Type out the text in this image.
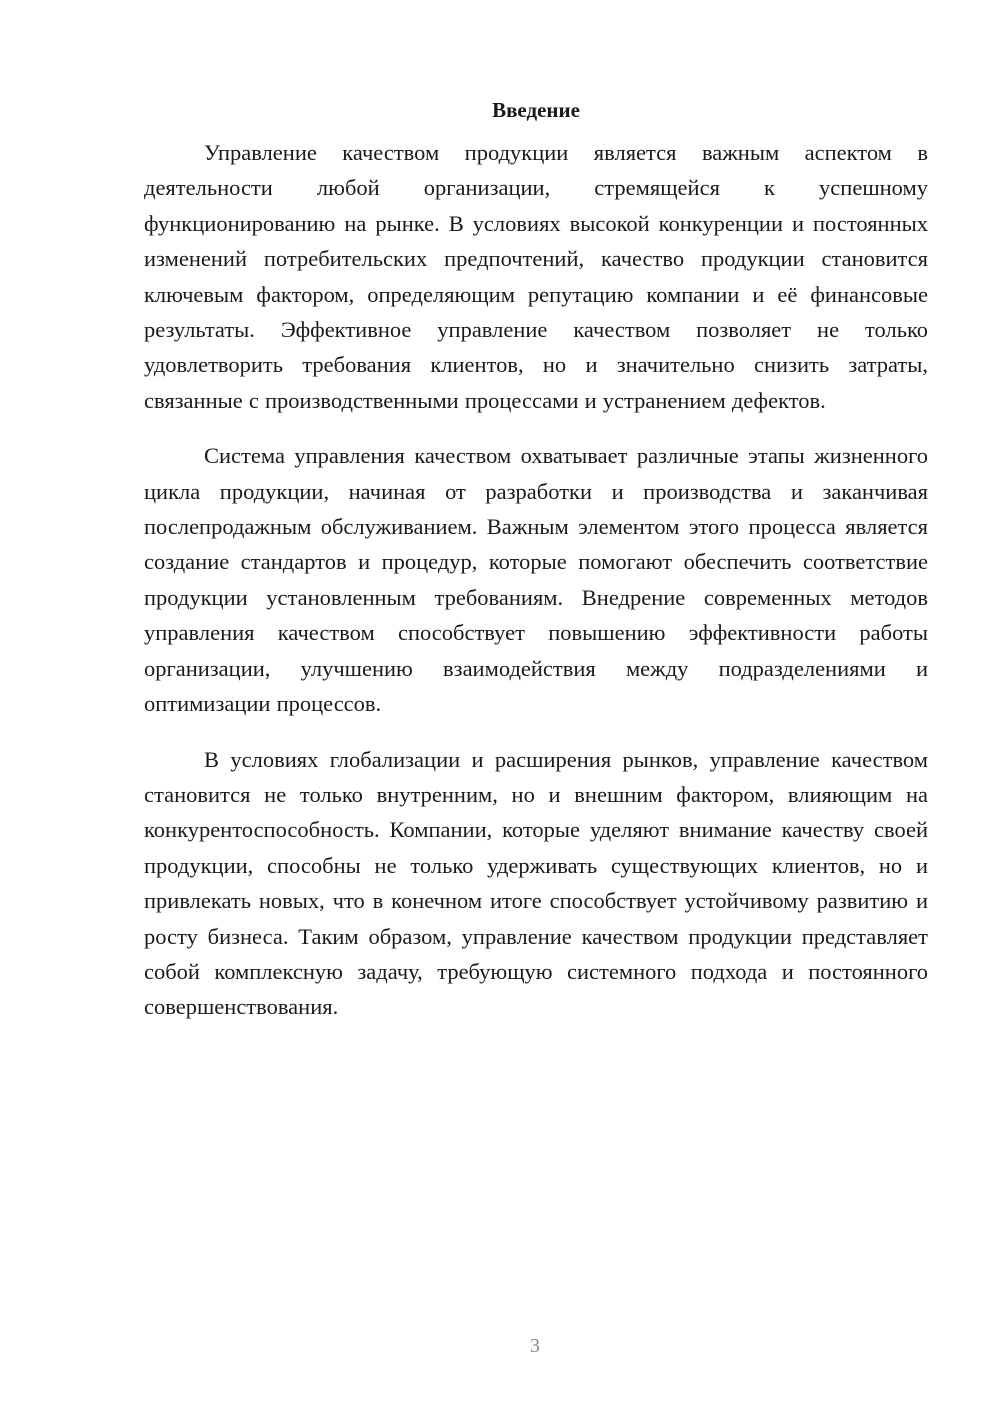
Введение

Управление качеством продукции является важным аспектом в деятельности любой организации, стремящейся к успешному функционированию на рынке. В условиях высокой конкуренции и постоянных изменений потребительских предпочтений, качество продукции становится ключевым фактором, определяющим репутацию компании и её финансовые результаты. Эффективное управление качеством позволяет не только удовлетворить требования клиентов, но и значительно снизить затраты, связанные с производственными процессами и устранением дефектов.

Система управления качеством охватывает различные этапы жизненного цикла продукции, начиная от разработки и производства и заканчивая послепродажным обслуживанием. Важным элементом этого процесса является создание стандартов и процедур, которые помогают обеспечить соответствие продукции установленным требованиям. Внедрение современных методов управления качеством способствует повышению эффективности работы организации, улучшению взаимодействия между подразделениями и оптимизации процессов.

В условиях глобализации и расширения рынков, управление качеством становится не только внутренним, но и внешним фактором, влияющим на конкурентоспособность. Компании, которые уделяют внимание качеству своей продукции, способны не только удерживать существующих клиентов, но и привлекать новых, что в конечном итоге способствует устойчивому развитию и росту бизнеса. Таким образом, управление качеством продукции представляет собой комплексную задачу, требующую системного подхода и постоянного совершенствования.

3
